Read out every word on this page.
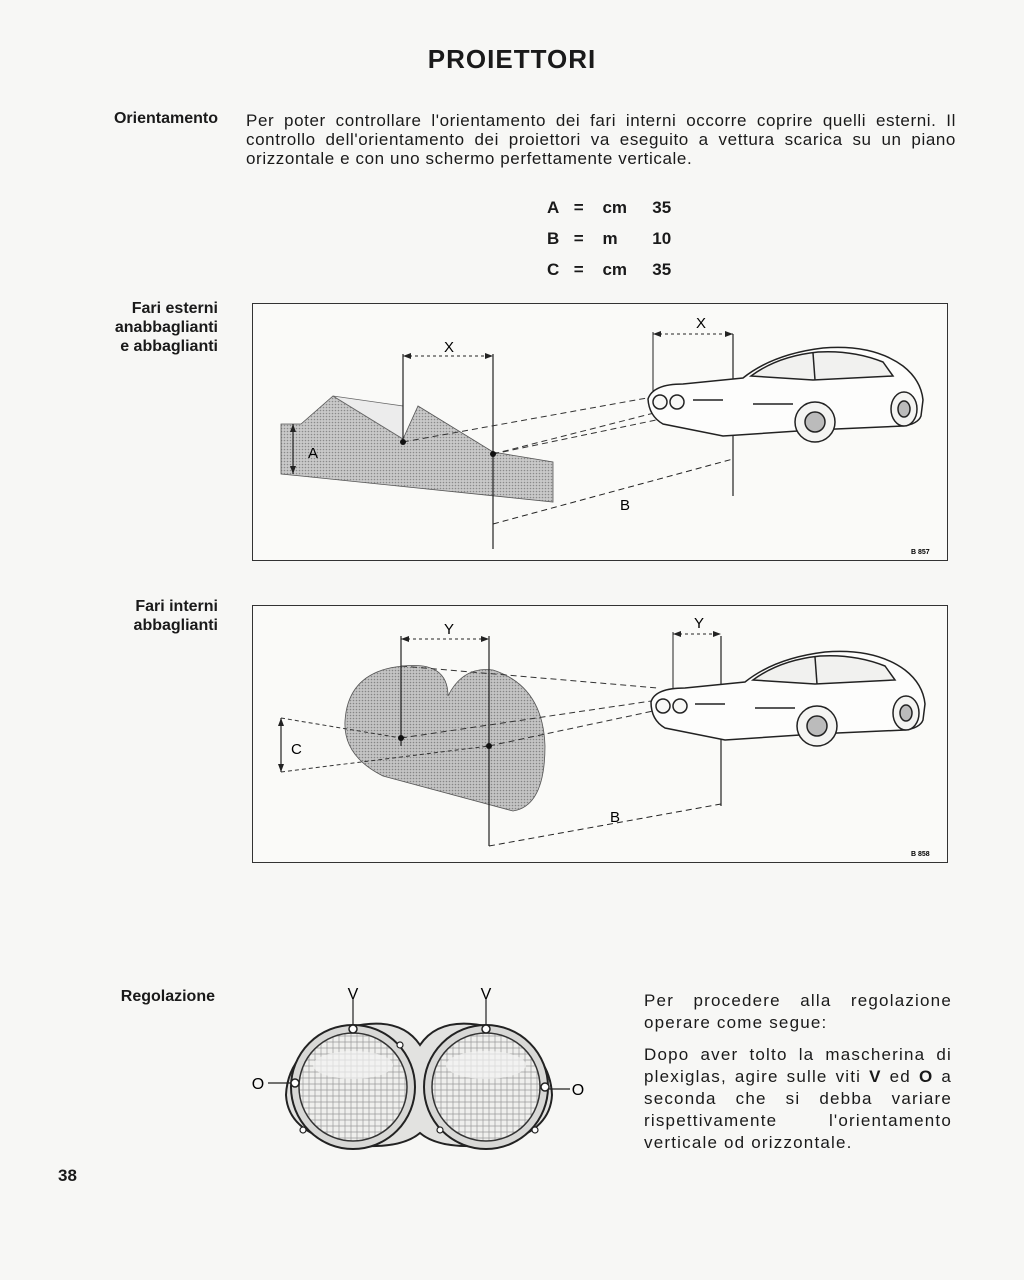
PROIETTORI
Orientamento Per poter controllare l'orientamento dei fari interni occorre coprire quelli esterni. Il controllo dell'orientamento dei proiettori va eseguito a vettura scarica su un piano orizzontale e con uno schermo perfettamente verticale.
A = cm 35
B = m 10
C = cm 35
Fari esterni
anabbaglianti
e abbaglianti	X
A
B
X
B 857
Fari interni
abbaglianti	Y
C
B
Y
B 858
Regolazione	V	V
O	O

Per procedere alla regolazione operare come segue:

Dopo aver tolto la mascherina di plexiglas, agire sulle viti V ed O a seconda che si debba variare rispettivamente l'orientamento verticale od orizzontale.

38
